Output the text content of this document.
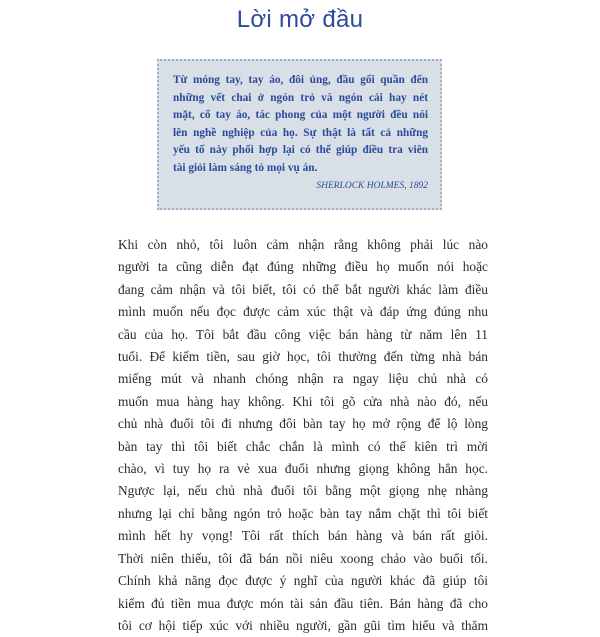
Lời mở đầu
Từ móng tay, tay áo, đôi ủng, đầu gối quần đến
những vết chai ở ngón trỏ và ngón cái hay nét
mặt, cổ tay áo, tác phong của một người đều nói
lên nghề nghiệp của họ. Sự thật là tất cả những
yếu tố này phối hợp lại có thể giúp điều tra viên
tài giỏi làm sáng tỏ mọi vụ án.
SHERLOCK HOLMES, 1892
Khi còn nhỏ, tôi luôn cảm nhận rằng không phải lúc nào
người ta cũng diễn đạt đúng những điều họ muốn nói hoặc
đang cảm nhận và tôi biết, tôi có thể bắt người khác làm điều
mình muốn nếu đọc được cảm xúc thật và đáp ứng đúng nhu
cầu của họ. Tôi bắt đầu công việc bán hàng từ năm lên 11
tuổi. Để kiếm tiền, sau giờ học, tôi thường đến từng nhà bán
miếng mút và nhanh chóng nhận ra ngay liệu chủ nhà có
muốn mua hàng hay không. Khi tôi gõ cửa nhà nào đó, nếu
chủ nhà đuổi tôi đi nhưng đôi bàn tay họ mở rộng để lộ lòng
bàn tay thì tôi biết chắc chắn là mình có thể kiên trì mời
chào, vì tuy họ ra vẻ xua đuổi nhưng giọng không hẳn học.
Ngược lại, nếu chủ nhà đuổi tôi bằng một giọng nhẹ nhàng
nhưng lại chỉ bằng ngón trỏ hoặc bàn tay nắm chặt thì tôi biết
mình hết hy vọng! Tôi rất thích bán hàng và bán rất giỏi.
Thời niên thiếu, tôi đã bán nồi niêu xoong chảo vào buổi tối.
Chính khả năng đọc được ý nghĩ của người khác đã giúp tôi
kiếm đủ tiền mua được món tài sản đầu tiên. Bán hàng đã cho
tôi cơ hội tiếp xúc với nhiều người, gần gũi tìm hiểu và thăm
